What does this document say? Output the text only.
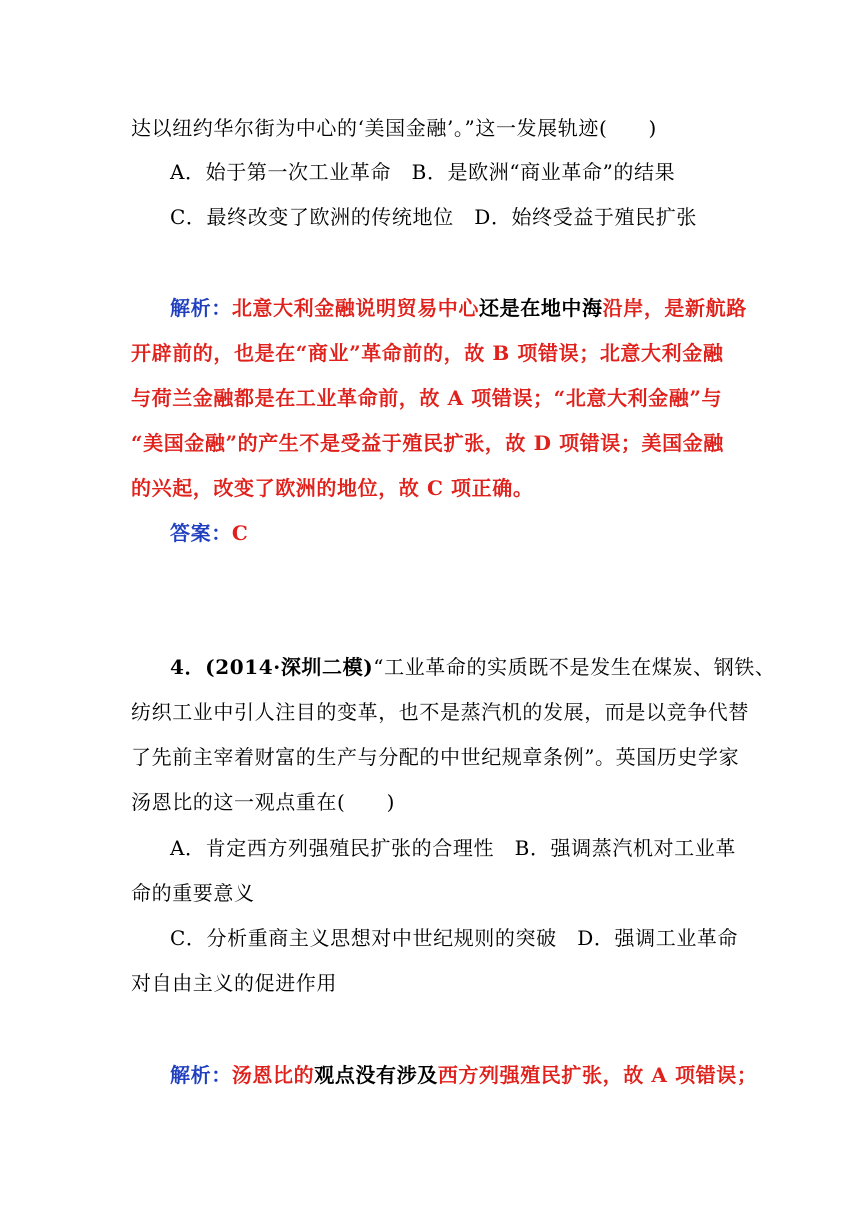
达以纽约华尔街为中心的‘美国金融’。”这一发展轨迹(　　)
A．始于第一次工业革命　B．是欧洲“商业革命”的结果
C．最终改变了欧洲的传统地位　D．始终受益于殖民扩张
解析：北意大利金融说明贸易中心还是在地中海沿岸，是新航路
开辟前的，也是在“商业”革命前的，故 B 项错误；北意大利金融
与荷兰金融都是在工业革命前，故 A 项错误；“北意大利金融”与
“美国金融”的产生不是受益于殖民扩张，故 D 项错误；美国金融
的兴起，改变了欧洲的地位，故 C 项正确。
答案：C
4．(2014·深圳二模)“工业革命的实质既不是发生在煤炭、钢铁、
纺织工业中引人注目的变革，也不是蒸汽机的发展，而是以竞争代替
了先前主宰着财富的生产与分配的中世纪规章条例”。英国历史学家
汤恩比的这一观点重在(　　)
A．肯定西方列强殖民扩张的合理性　B．强调蒸汽机对工业革
命的重要意义
C．分析重商主义思想对中世纪规则的突破　D．强调工业革命
对自由主义的促进作用
解析：汤恩比的观点没有涉及西方列强殖民扩张，故 A 项错误；
